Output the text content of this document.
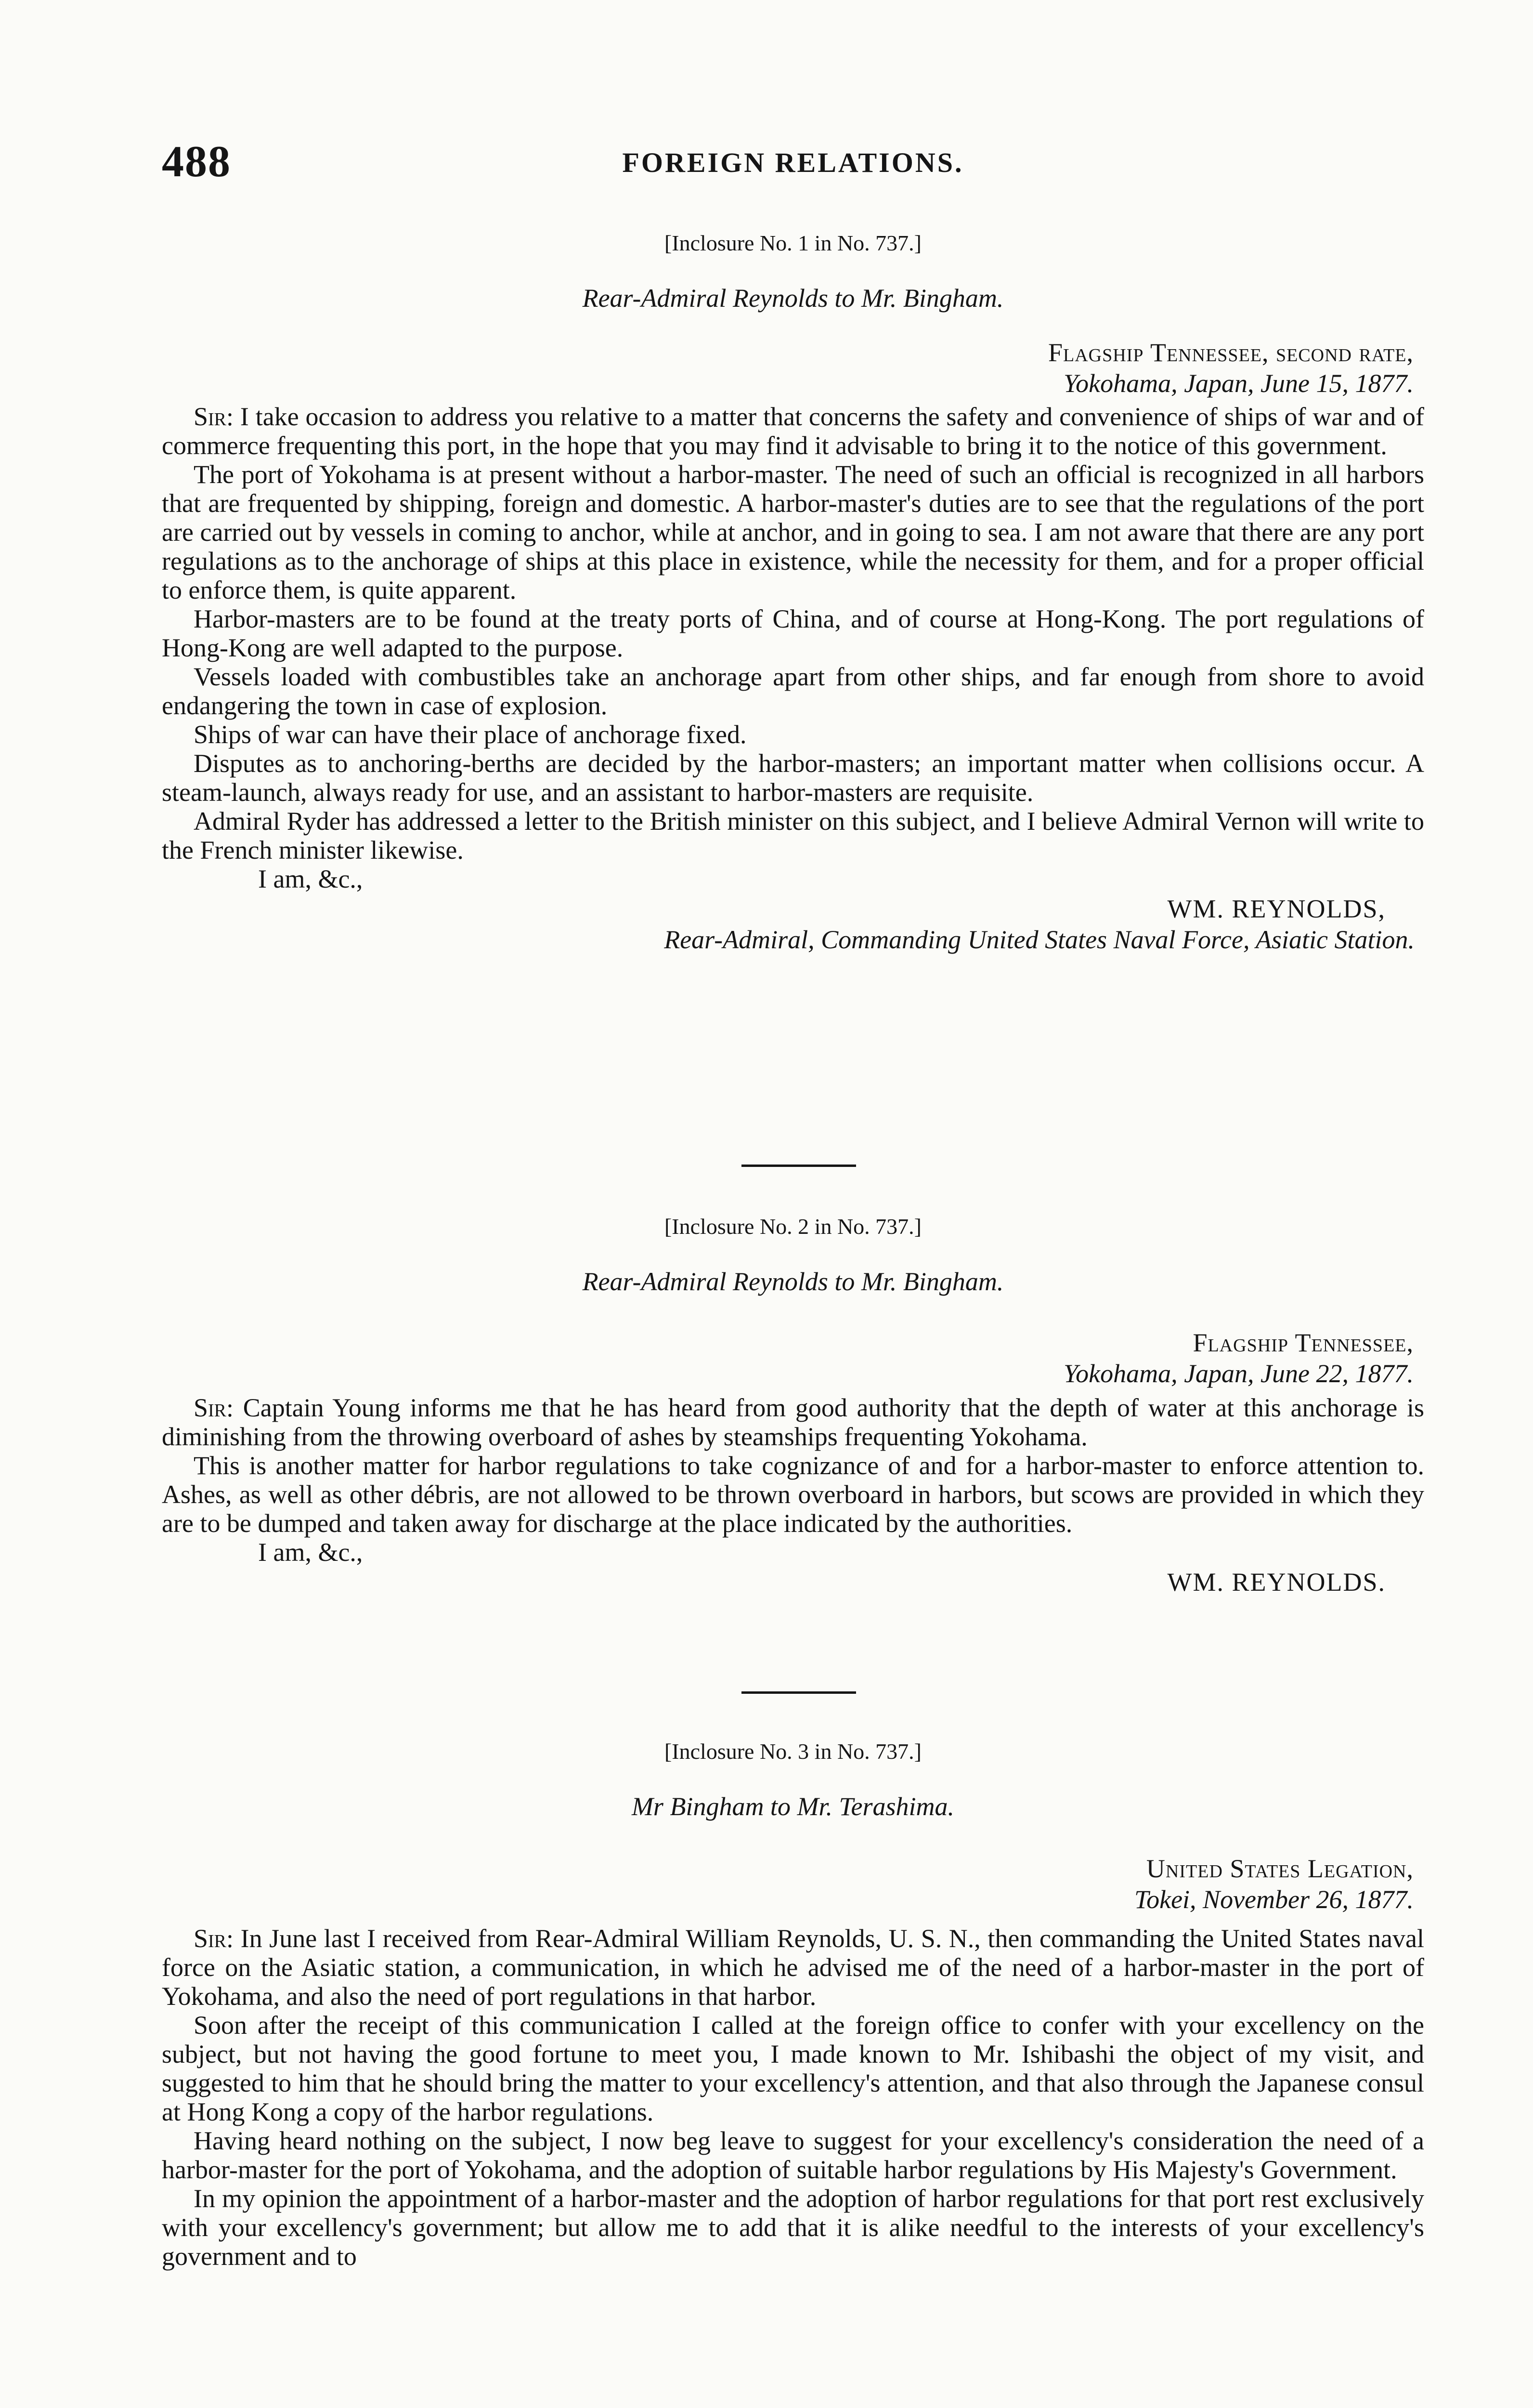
488	FOREIGN RELATIONS.
[Inclosure No. 1 in No. 737.]
Rear-Admiral Reynolds to Mr. Bingham.
Flagship Tennessee, second rate,
Yokohama, Japan, June 15, 1877.

Sir: I take occasion to address you relative to a matter that concerns the safety and convenience of ships of war and of commerce frequenting this port, in the hope that you may find it advisable to bring it to the notice of this government.

The port of Yokohama is at present without a harbor-master. The need of such an official is recognized in all harbors that are frequented by shipping, foreign and domestic. A harbor-master's duties are to see that the regulations of the port are carried out by vessels in coming to anchor, while at anchor, and in going to sea. I am not aware that there are any port regulations as to the anchorage of ships at this place in existence, while the necessity for them, and for a proper official to enforce them, is quite apparent.

Harbor-masters are to be found at the treaty ports of China, and of course at Hong-Kong. The port regulations of Hong-Kong are well adapted to the purpose.

Vessels loaded with combustibles take an anchorage apart from other ships, and far enough from shore to avoid endangering the town in case of explosion.

Ships of war can have their place of anchorage fixed.

Disputes as to anchoring-berths are decided by the harbor-masters; an important matter when collisions occur. A steam-launch, always ready for use, and an assistant to harbor-masters are requisite.

Admiral Ryder has addressed a letter to the British minister on this subject, and I believe Admiral Vernon will write to the French minister likewise.

I am, &c.,
WM. REYNOLDS,
Rear-Admiral, Commanding United States Naval Force, Asiatic Station.
[Inclosure No. 2 in No. 737.]
Rear-Admiral Reynolds to Mr. Bingham.
Flagship Tennessee,
Yokohama, Japan, June 22, 1877.

Sir: Captain Young informs me that he has heard from good authority that the depth of water at this anchorage is diminishing from the throwing overboard of ashes by steamships frequenting Yokohama.

This is another matter for harbor regulations to take cognizance of and for a harbor-master to enforce attention to. Ashes, as well as other débris, are not allowed to be thrown overboard in harbors, but scows are provided in which they are to be dumped and taken away for discharge at the place indicated by the authorities.

I am, &c.,
WM. REYNOLDS.
[Inclosure No. 3 in No. 737.]
Mr Bingham to Mr. Terashima.
United States Legation,
Tokei, November 26, 1877.

Sir: In June last I received from Rear-Admiral William Reynolds, U. S. N., then commanding the United States naval force on the Asiatic station, a communication, in which he advised me of the need of a harbor-master in the port of Yokohama, and also the need of port regulations in that harbor.

Soon after the receipt of this communication I called at the foreign office to confer with your excellency on the subject, but not having the good fortune to meet you, I made known to Mr. Ishibashi the object of my visit, and suggested to him that he should bring the matter to your excellency's attention, and that also through the Japanese consul at Hong Kong a copy of the harbor regulations.

Having heard nothing on the subject, I now beg leave to suggest for your excellency's consideration the need of a harbor-master for the port of Yokohama, and the adoption of suitable harbor regulations by His Majesty's Government.

In my opinion the appointment of a harbor-master and the adoption of harbor regulations for that port rest exclusively with your excellency's government; but allow me to add that it is alike needful to the interests of your excellency's government and to
